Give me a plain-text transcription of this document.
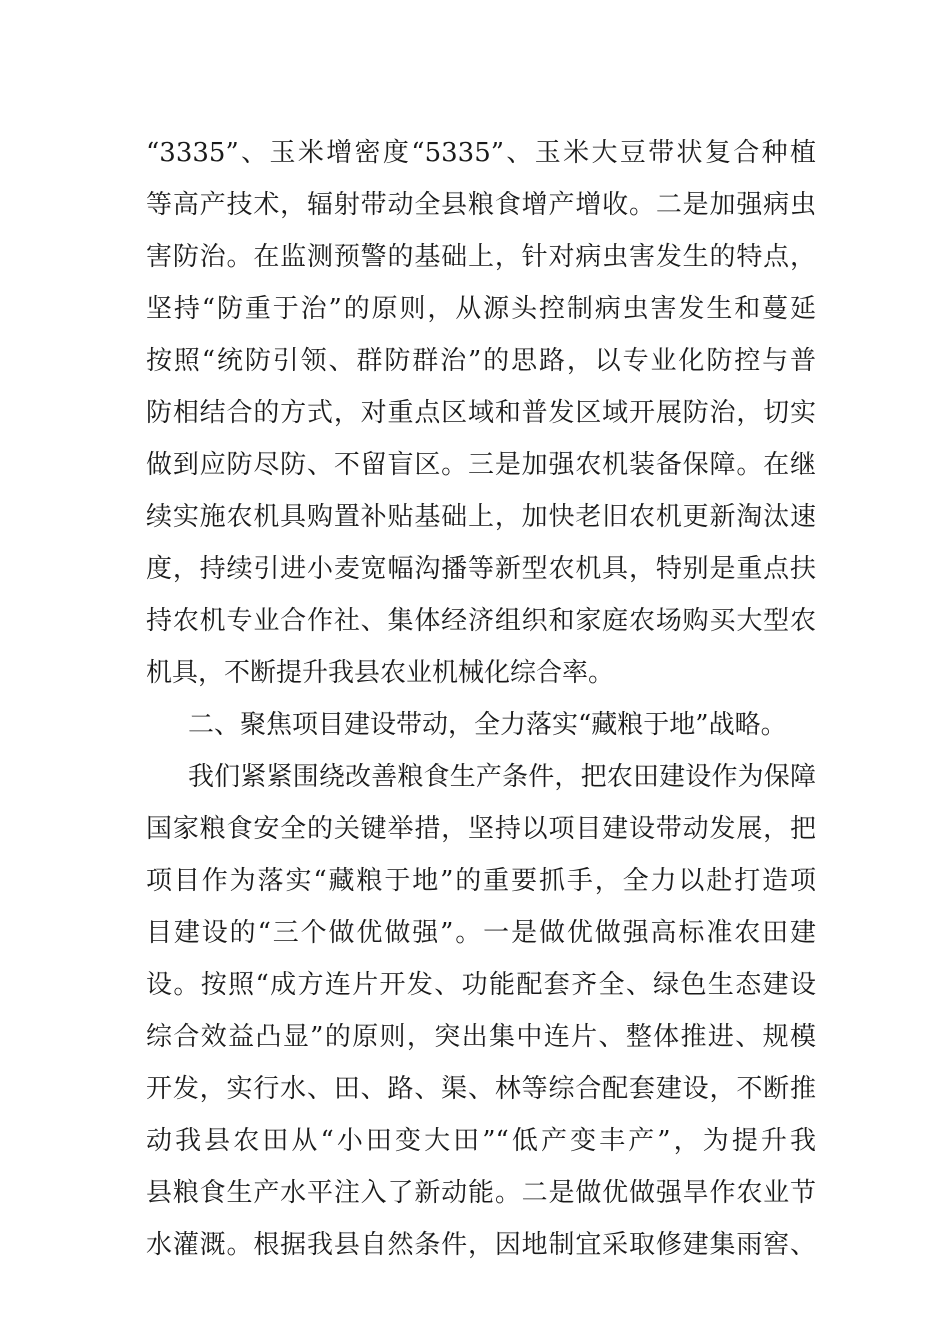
“3335”、玉米增密度“5335”、玉米大豆带状复合种植
等高产技术，辐射带动全县粮食增产增收。二是加强病虫
害防治。在监测预警的基础上，针对病虫害发生的特点，
坚持“防重于治”的原则，从源头控制病虫害发生和蔓延
按照“统防引领、群防群治”的思路，以专业化防控与普
防相结合的方式，对重点区域和普发区域开展防治，切实
做到应防尽防、不留盲区。三是加强农机装备保障。在继
续实施农机具购置补贴基础上，加快老旧农机更新淘汰速
度，持续引进小麦宽幅沟播等新型农机具，特别是重点扶
持农机专业合作社、集体经济组织和家庭农场购买大型农
机具，不断提升我县农业机械化综合率。
二、聚焦项目建设带动，全力落实“藏粮于地”战略。
我们紧紧围绕改善粮食生产条件，把农田建设作为保障
国家粮食安全的关键举措，坚持以项目建设带动发展，把
项目作为落实“藏粮于地”的重要抓手，全力以赴打造项
目建设的“三个做优做强”。一是做优做强高标准农田建
设。按照“成方连片开发、功能配套齐全、绿色生态建设
综合效益凸显”的原则，突出集中连片、整体推进、规模
开发，实行水、田、路、渠、林等综合配套建设，不断推
动我县农田从“小田变大田”“低产变丰产”，为提升我
县粮食生产水平注入了新动能。二是做优做强旱作农业节
水灌溉。根据我县自然条件，因地制宜采取修建集雨窖、
